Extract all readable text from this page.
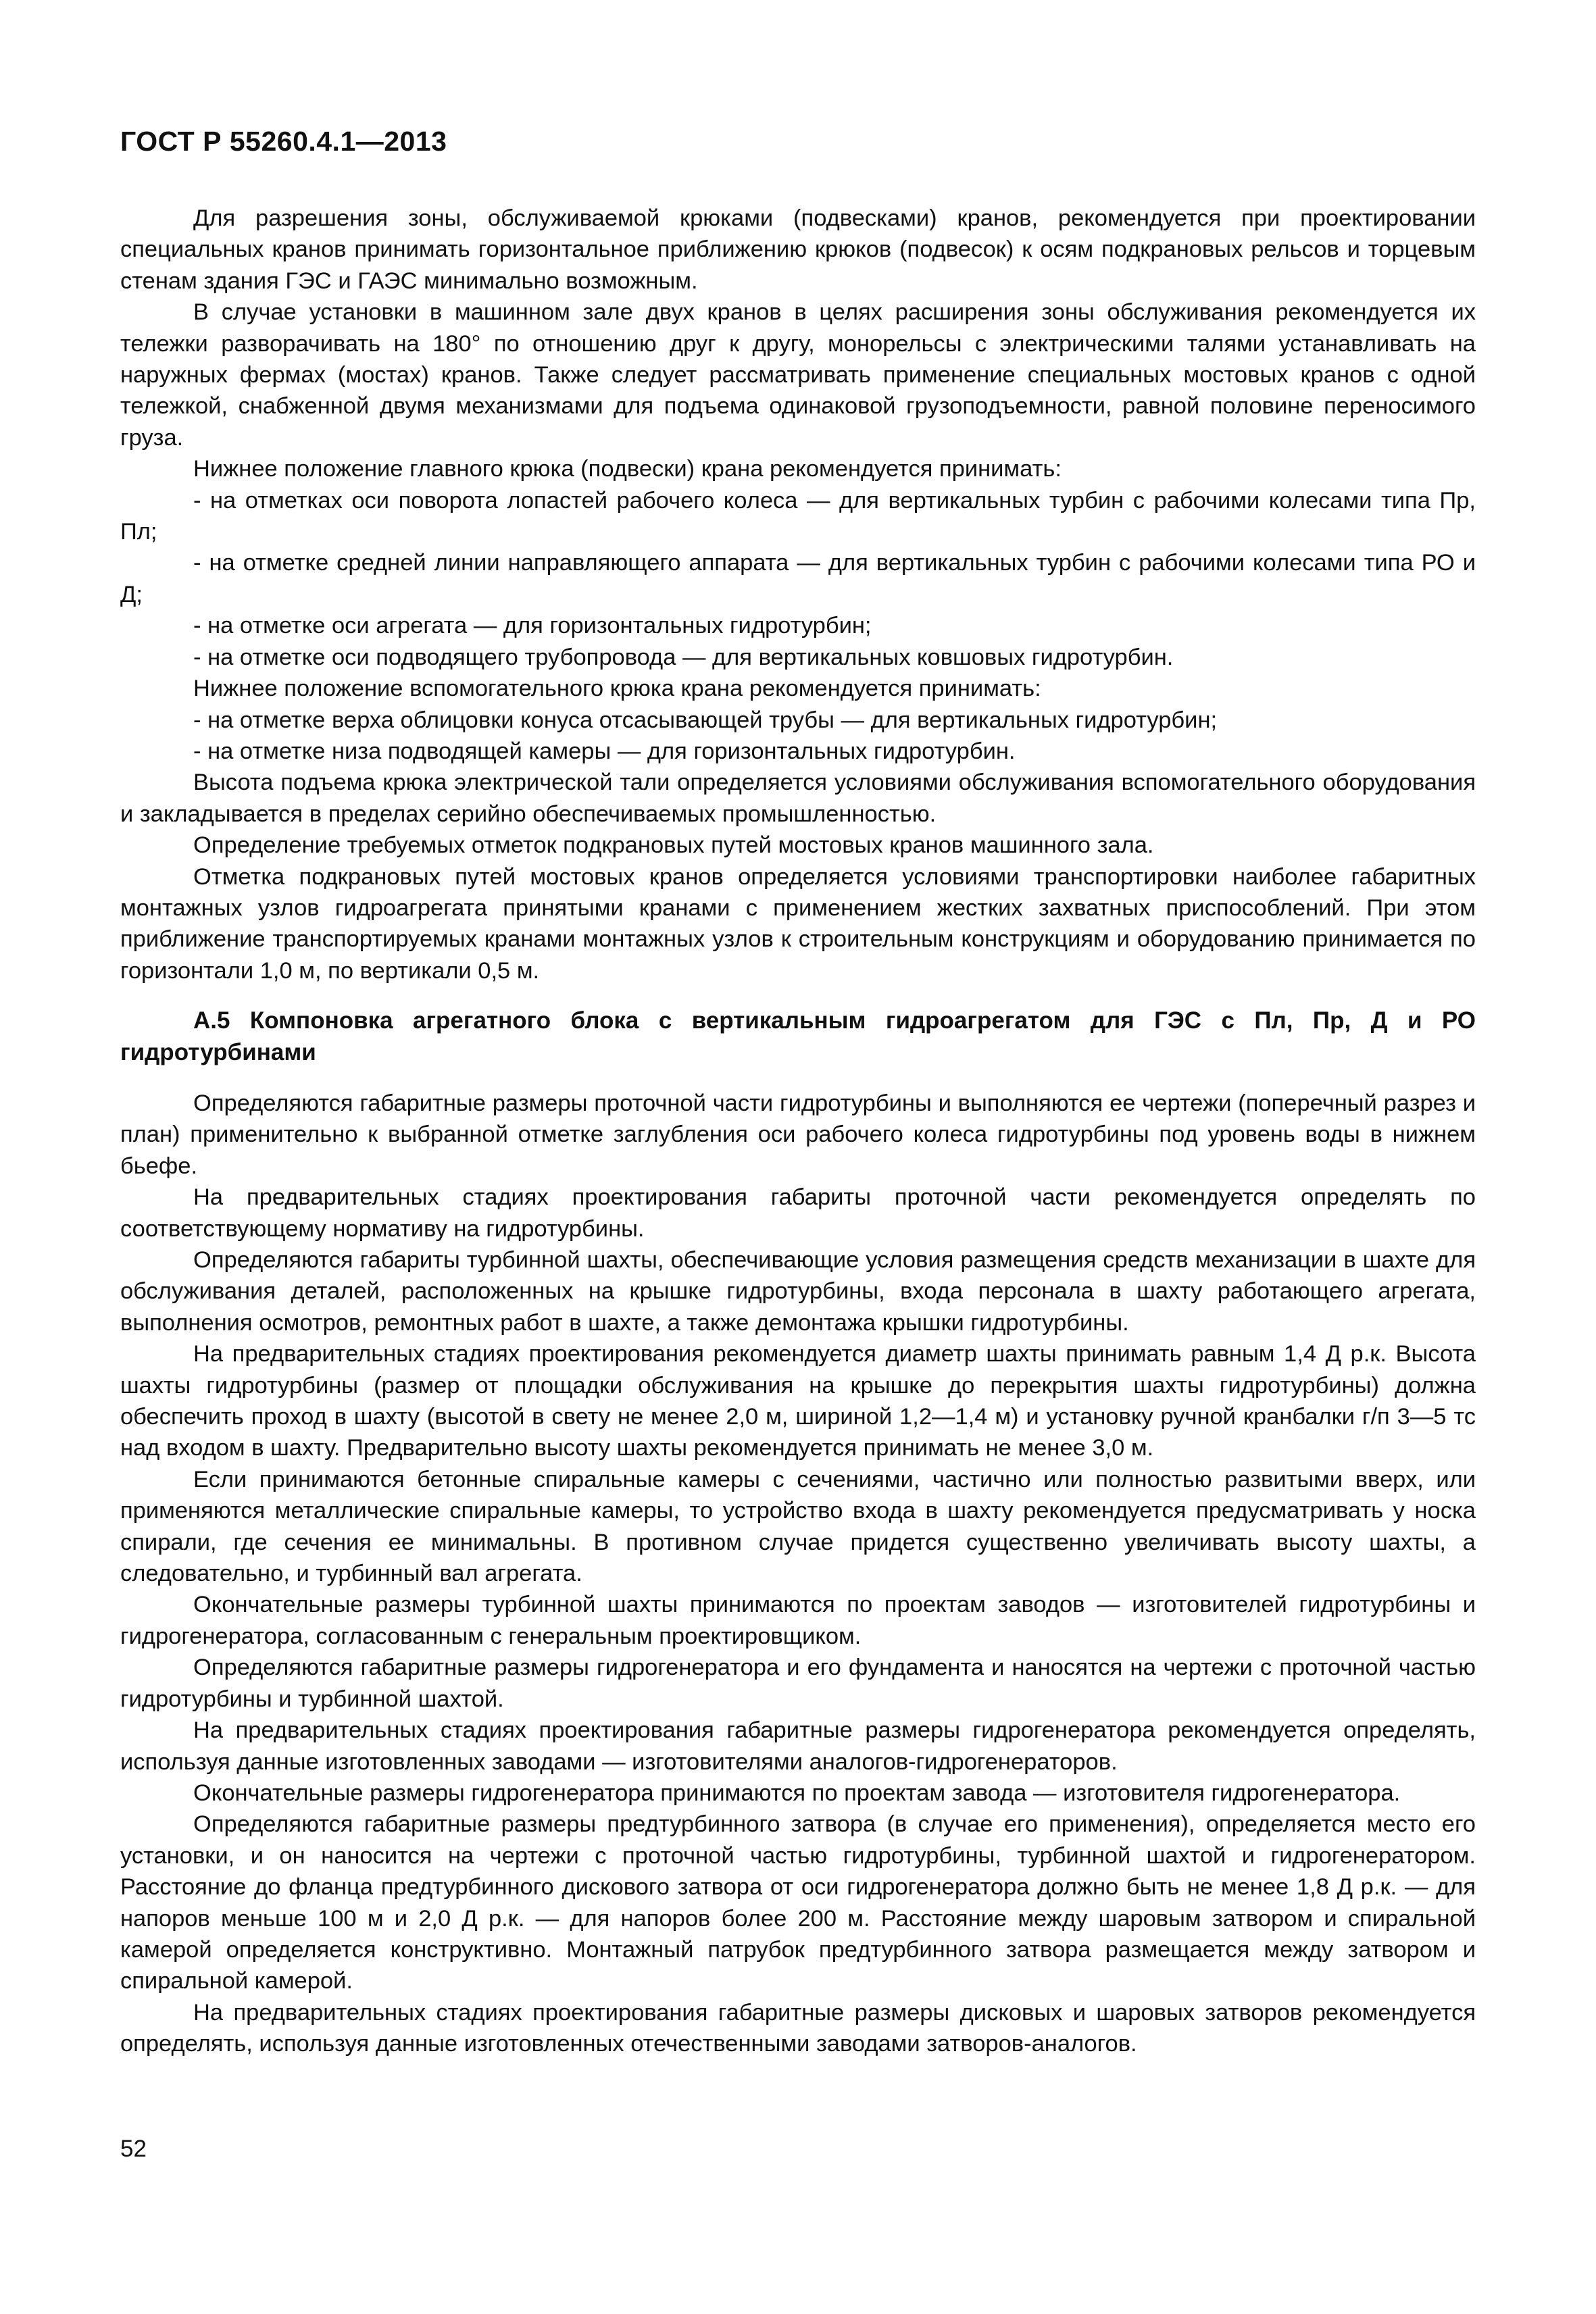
ГОСТ Р 55260.4.1—2013

Для разрешения зоны, обслуживаемой крюками (подвесками) кранов, рекомендуется при проектировании специальных кранов принимать горизонтальное приближению крюков (подвесок) к осям подкрановых рельсов и торцевым стенам здания ГЭС и ГАЭС минимально возможным.

В случае установки в машинном зале двух кранов в целях расширения зоны обслуживания рекомендуется их тележки разворачивать на 180° по отношению друг к другу, монорельсы с электрическими талями устанавливать на наружных фермах (мостах) кранов. Также следует рассматривать применение специальных мостовых кранов с одной тележкой, снабженной двумя механизмами для подъема одинаковой грузоподъемности, равной половине переносимого груза.

Нижнее положение главного крюка (подвески) крана рекомендуется принимать:

- на отметках оси поворота лопастей рабочего колеса — для вертикальных турбин с рабочими колесами типа Пр, Пл;

- на отметке средней линии направляющего аппарата — для вертикальных турбин с рабочими колесами типа РО и Д;

- на отметке оси агрегата — для горизонтальных гидротурбин;

- на отметке оси подводящего трубопровода — для вертикальных ковшовых гидротурбин.

Нижнее положение вспомогательного крюка крана рекомендуется принимать:

- на отметке верха облицовки конуса отсасывающей трубы — для вертикальных гидротурбин;

- на отметке низа подводящей камеры — для горизонтальных гидротурбин.

Высота подъема крюка электрической тали определяется условиями обслуживания вспомогательного оборудования и закладывается в пределах серийно обеспечиваемых промышленностью.

Определение требуемых отметок подкрановых путей мостовых кранов машинного зала.

Отметка подкрановых путей мостовых кранов определяется условиями транспортировки наиболее габаритных монтажных узлов гидроагрегата принятыми кранами с применением жестких захватных приспособлений. При этом приближение транспортируемых кранами монтажных узлов к строительным конструкциям и оборудованию принимается по горизонтали 1,0 м, по вертикали 0,5 м.

А.5 Компоновка агрегатного блока с вертикальным гидроагрегатом для ГЭС с Пл, Пр, Д и РО гидротурбинами

Определяются габаритные размеры проточной части гидротурбины и выполняются ее чертежи (поперечный разрез и план) применительно к выбранной отметке заглубления оси рабочего колеса гидротурбины под уровень воды в нижнем бьефе.

На предварительных стадиях проектирования габариты проточной части рекомендуется определять по соответствующему нормативу на гидротурбины.

Определяются габариты турбинной шахты, обеспечивающие условия размещения средств механизации в шахте для обслуживания деталей, расположенных на крышке гидротурбины, входа персонала в шахту работающего агрегата, выполнения осмотров, ремонтных работ в шахте, а также демонтажа крышки гидротурбины.

На предварительных стадиях проектирования рекомендуется диаметр шахты принимать равным 1,4 Д р.к. Высота шахты гидротурбины (размер от площадки обслуживания на крышке до перекрытия шахты гидротурбины) должна обеспечить проход в шахту (высотой в свету не менее 2,0 м, шириной 1,2—1,4 м) и установку ручной кранбалки г/п 3—5 тс над входом в шахту. Предварительно высоту шахты рекомендуется принимать не менее 3,0 м.

Если принимаются бетонные спиральные камеры с сечениями, частично или полностью развитыми вверх, или применяются металлические спиральные камеры, то устройство входа в шахту рекомендуется предусматривать у носка спирали, где сечения ее минимальны. В противном случае придется существенно увеличивать высоту шахты, а следовательно, и турбинный вал агрегата.

Окончательные размеры турбинной шахты принимаются по проектам заводов — изготовителей гидротурбины и гидрогенератора, согласованным с генеральным проектировщиком.

Определяются габаритные размеры гидрогенератора и его фундамента и наносятся на чертежи с проточной частью гидротурбины и турбинной шахтой.

На предварительных стадиях проектирования габаритные размеры гидрогенератора рекомендуется определять, используя данные изготовленных заводами — изготовителями аналогов-гидрогенераторов.

Окончательные размеры гидрогенератора принимаются по проектам завода — изготовителя гидрогенератора.

Определяются габаритные размеры предтурбинного затвора (в случае его применения), определяется место его установки, и он наносится на чертежи с проточной частью гидротурбины, турбинной шахтой и гидрогенератором. Расстояние до фланца предтурбинного дискового затвора от оси гидрогенератора должно быть не менее 1,8 Д р.к. — для напоров меньше 100 м и 2,0 Д р.к. — для напоров более 200 м. Расстояние между шаровым затвором и спиральной камерой определяется конструктивно. Монтажный патрубок предтурбинного затвора размещается между затвором и спиральной камерой.

На предварительных стадиях проектирования габаритные размеры дисковых и шаровых затворов рекомендуется определять, используя данные изготовленных отечественными заводами затворов-аналогов.

52
